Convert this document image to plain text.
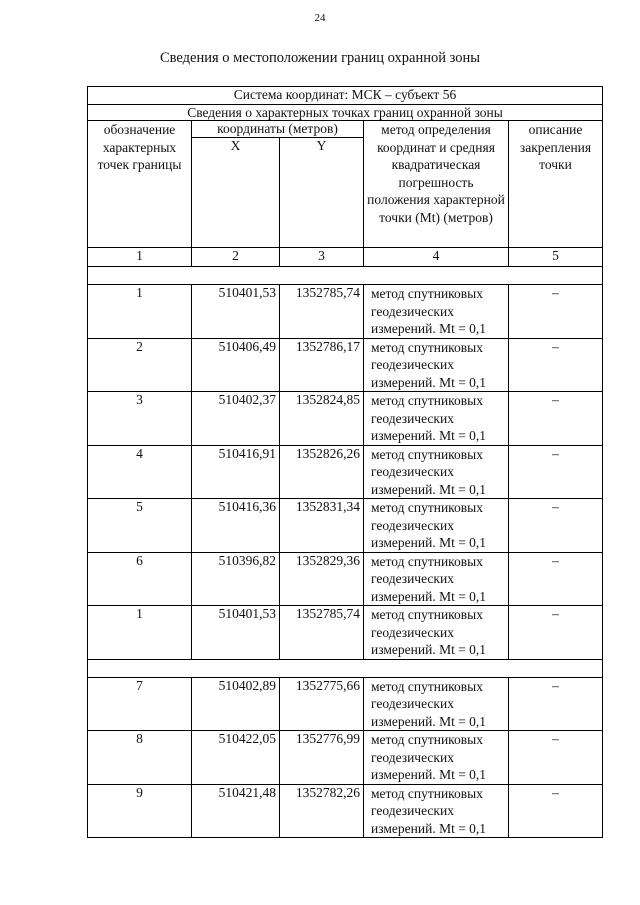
24
Сведения о местоположении границ охранной зоны
Система координат: МСК – субъект 56				
Сведения о характерных точках границ охранной зоны				
обозначение характерных точек границы	координаты (метров)		метод определения координат и средняя квадратическая погрешность положения характерной точки (Mt) (метров)	описание закрепления точки
	X	Y		
1	2	3	4	5

1	510401,53	1352785,74	метод спутниковых геодезических измерений. Mt = 0,1	–
2	510406,49	1352786,17	метод спутниковых геодезических измерений. Mt = 0,1	–
3	510402,37	1352824,85	метод спутниковых геодезических измерений. Mt = 0,1	–
4	510416,91	1352826,26	метод спутниковых геодезических измерений. Mt = 0,1	–
5	510416,36	1352831,34	метод спутниковых геодезических измерений. Mt = 0,1	–
6	510396,82	1352829,36	метод спутниковых геодезических измерений. Mt = 0,1	–
1	510401,53	1352785,74	метод спутниковых геодезических измерений. Mt = 0,1	–

7	510402,89	1352775,66	метод спутниковых геодезических измерений. Mt = 0,1	–
8	510422,05	1352776,99	метод спутниковых геодезических измерений. Mt = 0,1	–
9	510421,48	1352782,26	метод спутниковых геодезических измерений. Mt = 0,1	–
